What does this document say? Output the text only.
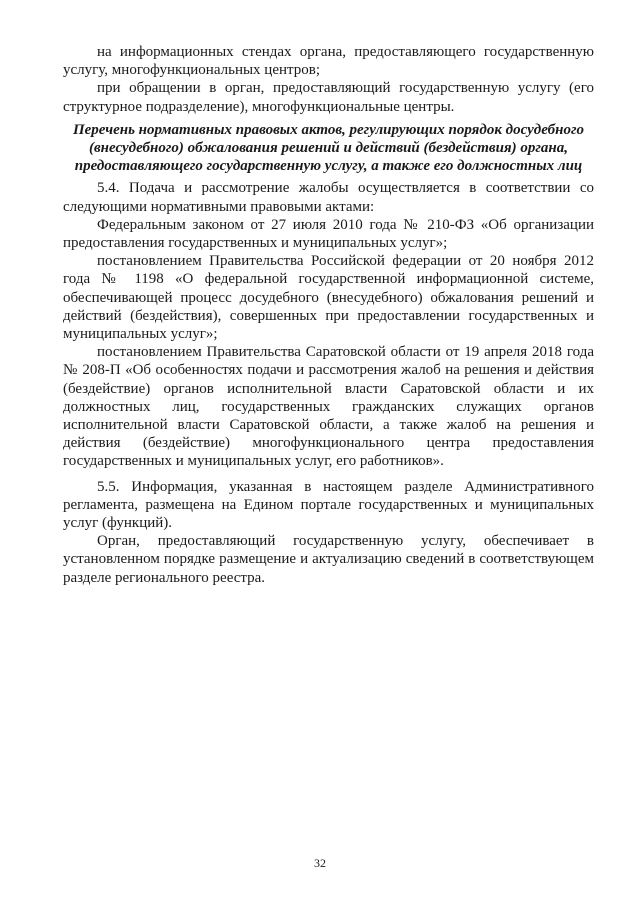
на информационных стендах органа, предоставляющего государственную услугу, многофункциональных центров;

при обращении в орган, предоставляющий государственную услугу (его структурное подразделение), многофункциональные центры.

Перечень нормативных правовых актов, регулирующих порядок досудебного (внесудебного) обжалования решений и действий (бездействия) органа, предоставляющего государственную услугу, а также его должностных лиц

5.4. Подача и рассмотрение жалобы осуществляется в соответствии со следующими нормативными правовыми актами:

Федеральным законом от 27 июля 2010 года № 210-ФЗ «Об организации предоставления государственных и муниципальных услуг»;

постановлением Правительства Российской федерации от 20 ноября 2012 года № 1198 «О федеральной государственной информационной системе, обеспечивающей процесс досудебного (внесудебного) обжалования решений и действий (бездействия), совершенных при предоставлении государственных и муниципальных услуг»;

постановлением Правительства Саратовской области от 19 апреля 2018 года № 208-П «Об особенностях подачи и рассмотрения жалоб на решения и действия (бездействие) органов исполнительной власти Саратовской области и их должностных лиц, государственных гражданских служащих органов исполнительной власти Саратовской области, а также жалоб на решения и действия (бездействие) многофункционального центра предоставления государственных и муниципальных услуг, его работников».

5.5. Информация, указанная в настоящем разделе Административного регламента, размещена на Едином портале государственных и муниципальных услуг (функций).

Орган, предоставляющий государственную услугу, обеспечивает в установленном порядке размещение и актуализацию сведений в соответствующем разделе регионального реестра.

32
